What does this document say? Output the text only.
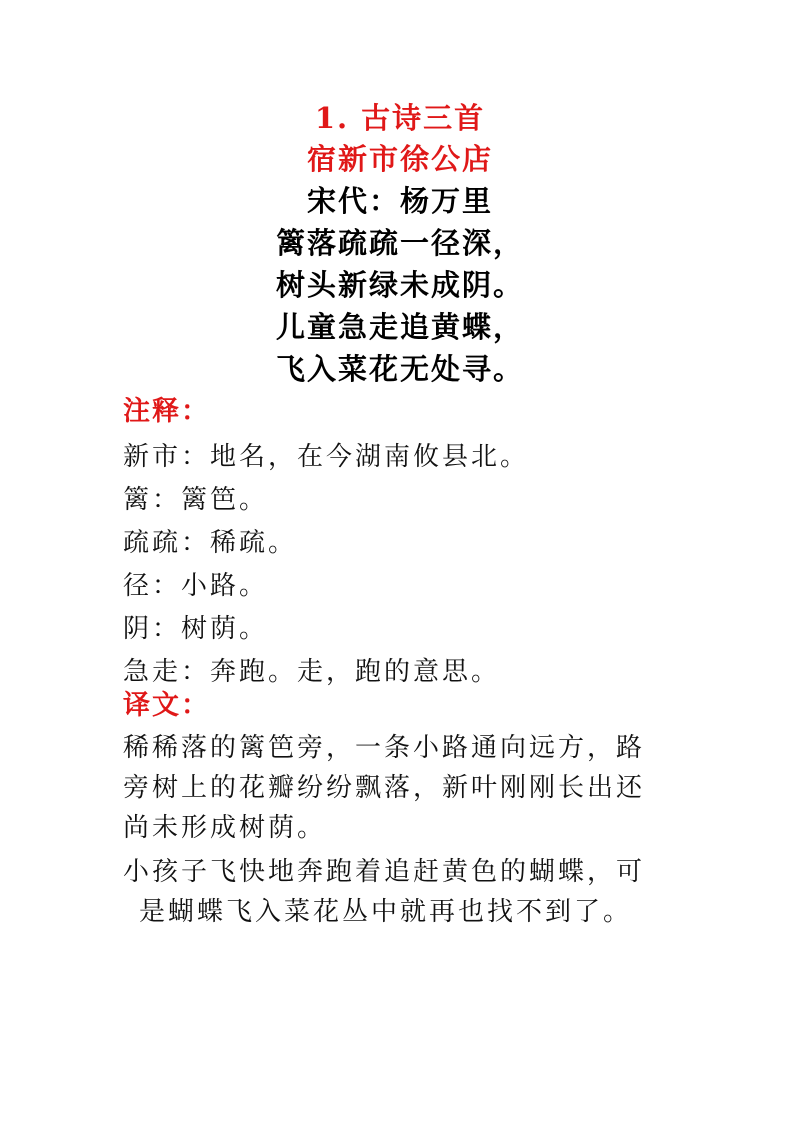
1. 古诗三首

宿新市徐公店

宋代：杨万里

篱落疏疏一径深，

树头新绿未成阴。

儿童急走追黄蝶，

飞入菜花无处寻。

注释：

新市：地名，在今湖南攸县北。

篱：篱笆。

疏疏：稀疏。

径：小路。

阴：树荫。

急走：奔跑。走，跑的意思。

译文：

稀稀落的篱笆旁，一条小路通向远方，路
旁树上的花瓣纷纷飘落，新叶刚刚长出还
尚未形成树荫。

小孩子飞快地奔跑着追赶黄色的蝴蝶，可
是蝴蝶飞入菜花丛中就再也找不到了。
